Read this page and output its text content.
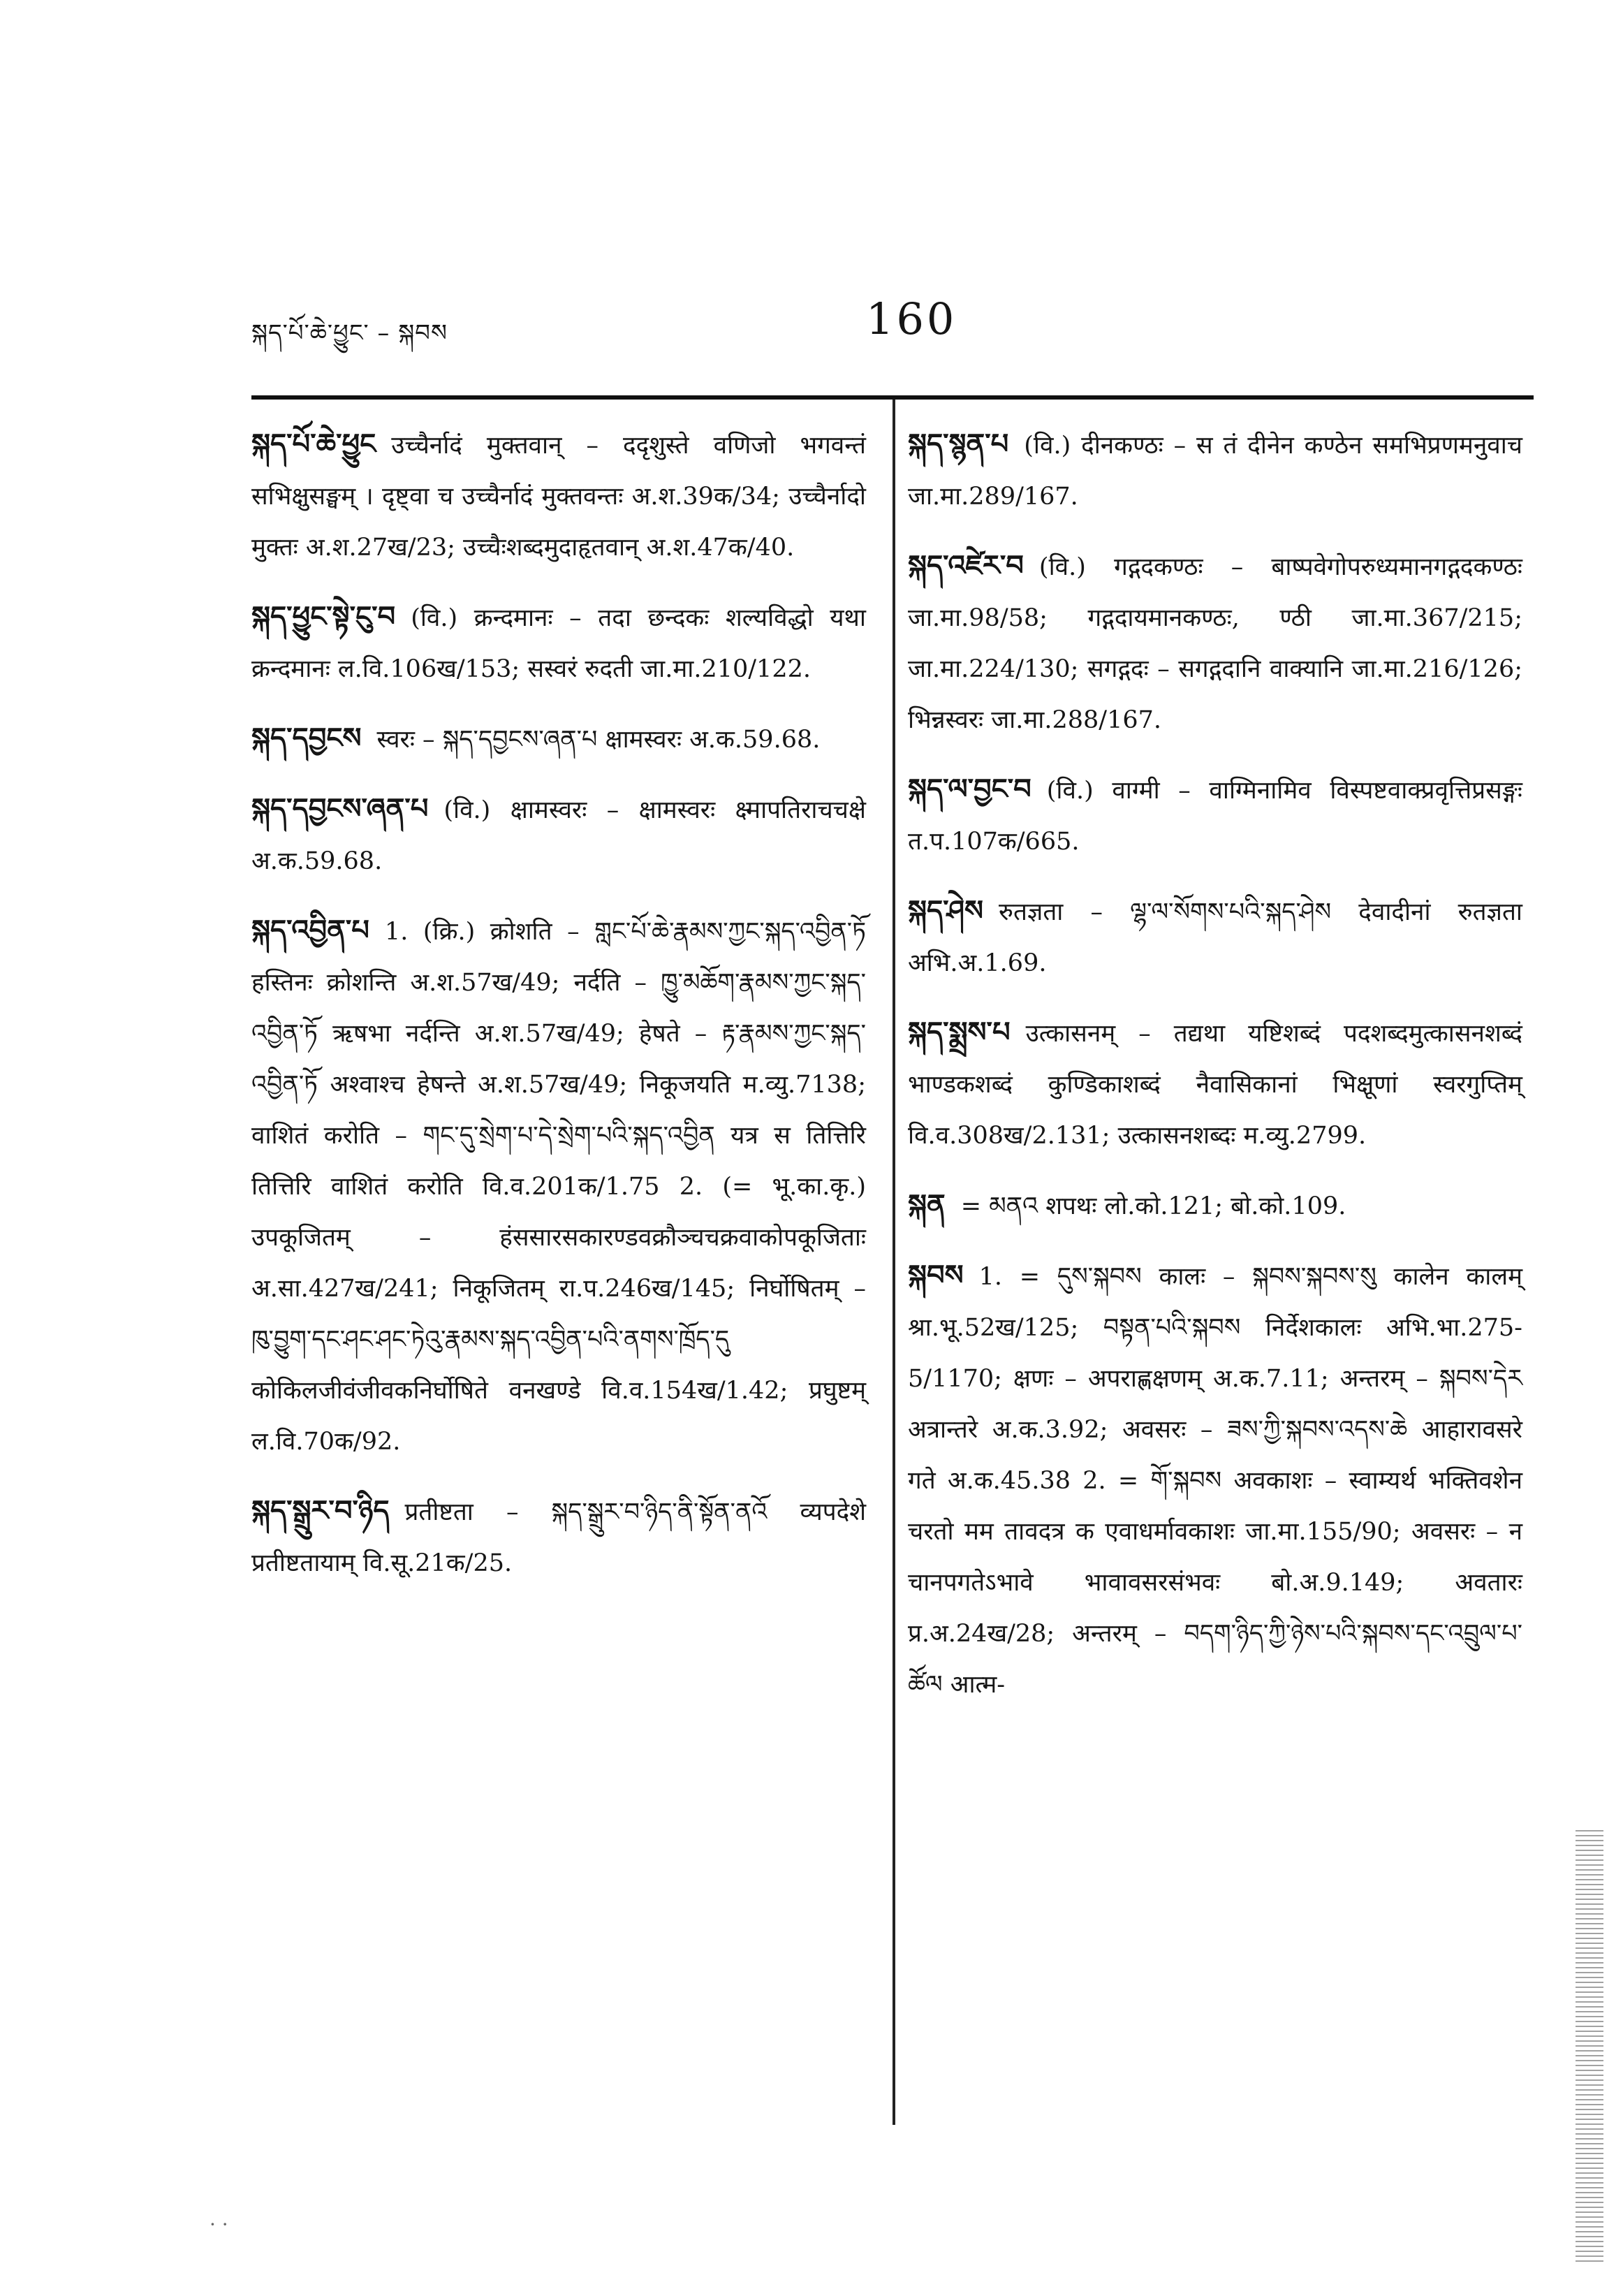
སྐད་པོ་ཆེ་ཕྱུང་ – སྐབས	160

སྐད་པོ་ཆེ་ཕྱུང उच्चैर्नादं मुक्तवान् – ददृशुस्ते वणिजो भगवन्तं सभिक्षुसङ्घम् । दृष्ट्वा च उच्चैर्नादं मुक्तवन्तः अ.श.39क/34; उच्चैर्नादो मुक्तः अ.श.27ख/23; उच्चैःशब्दमुदाहृतवान् अ.श.47क/40.

སྐད་ཕྱུང་སྟེ་ངུ་བ (वि.) क्रन्दमानः – तदा छन्दकः शल्यविद्धो यथा क्रन्दमानः ल.वि.106ख/153; सस्वरं रुदती जा.मा.210/122.

སྐད་དབྱངས स्वरः – སྐད་དབྱངས་ཞན་པ क्षामस्वरः अ.क.59.68.

སྐད་དབྱངས་ཞན་པ (वि.) क्षामस्वरः – क्षामस्वरः क्ष्मापतिराचचक्षे अ.क.59.68.

སྐད་འབྱིན་པ 1. (क्रि.) क्रोशति – གླང་པོ་ཆེ་རྣམས་ཀྱང་སྐད་འབྱིན་ཏོ हस्तिनः क्रोशन्ति अ.श.57ख/49; नर्दति – ཁྱུ་མཆོག་རྣམས་ཀྱང་སྐད་འབྱིན་ཏོ ऋषभा नर्दन्ति अ.श.57ख/49; हेषते – རྟ་རྣམས་ཀྱང་སྐད་འབྱིན་ཏོ अश्वाश्च हेषन्ते अ.श.57ख/49; निकूजयति म.व्यु.7138; वाशितं करोति – གང་དུ་སྲེག་པ་དེ་སྲེག་པའི་སྐད་འབྱིན यत्र स तित्तिरि तित्तिरि वाशितं करोति वि.व.201क/1.75 2. (= भू.का.कृ.) उपकूजितम् – हंससारसकारण्डवक्रौञ्चचक्रवाकोपकूजिताः अ.सा.427ख/241; निकूजितम् रा.प.246ख/145; निर्घोषितम् – ཁུ་བྱུག་དང་ཤང་ཤང་ཏེའུ་རྣམས་སྐད་འབྱིན་པའི་ནགས་ཁྲོད་དུ कोकिलजीवंजीवकनिर्घोषिते वनखण्डे वि.व.154ख/1.42; प्रघुष्टम् ल.वि.70क/92.

སྐད་སྒྲུར་བ་ཉིད प्रतीष्टता – སྐད་སྒྲུར་བ་ཉིད་ནི་སྟོན་ནའོ व्यपदेशे प्रतीष्टतायाम् वि.सू.21क/25.

སྐད་སྙན་པ (वि.) दीनकण्ठः – स तं दीनेन कण्ठेन समभिप्रणमनुवाच जा.मा.289/167.

སྐད་འཛེར་བ (वि.) गद्गदकण्ठः – बाष्पवेगोपरुध्यमानगद्गदकण्ठः जा.मा.98/58; गद्गदायमानकण्ठः, ण्ठी जा.मा.367/215; जा.मा.224/130; सगद्गदः – सगद्गदानि वाक्यानि जा.मा.216/126; भिन्नस्वरः जा.मा.288/167.

སྐད་ལ་བྱང་བ (वि.) वाग्मी – वाग्मिनामिव विस्पष्टवाक्प्रवृत्तिप्रसङ्गः त.प.107क/665.

སྐད་ཤེས रुतज्ञता – ལྷ་ལ་སོགས་པའི་སྐད་ཤེས देवादीनां रुतज्ञता अभि.अ.1.69.

སྐད་སྨྲས་པ उत्कासनम् – तद्यथा यष्टिशब्दं पदशब्दमुत्कासनशब्दं भाण्डकशब्दं कुण्डिकाशब्दं नैवासिकानां भिक्षूणां स्वरगुप्तिम् वि.व.308ख/2.131; उत्कासनशब्दः म.व्यु.2799.

སྐན = མནའ शपथः लो.को.121; बो.को.109.

སྐབས 1. = དུས་སྐབས कालः – སྐབས་སྐབས་སུ कालेन कालम् श्रा.भू.52ख/125; བསྟན་པའི་སྐབས निर्देशकालः अभि.भा.275-5/1170; क्षणः – अपराह्णक्षणम् अ.क.7.11; अन्तरम् – སྐབས་དེར अत्रान्तरे अ.क.3.92; अवसरः – ཟས་ཀྱི་སྐབས་འདས་ཆེ आहारावसरे गते अ.क.45.38 2. = གོ་སྐབས अवकाशः – स्वाम्यर्थ भक्तिवशेन चरतो मम तावदत्र क एवाधर्मावकाशः जा.मा.155/90; अवसरः – न चानपगतेऽभावे भावावसरसंभवः बो.अ.9.149; अवतारः प्र.अ.24ख/28; अन्तरम् – བདག་ཉིད་ཀྱི་ཉེས་པའི་སྐབས་དང་འབྲུལ་པ་ཚོལ आत्म-

· ·
